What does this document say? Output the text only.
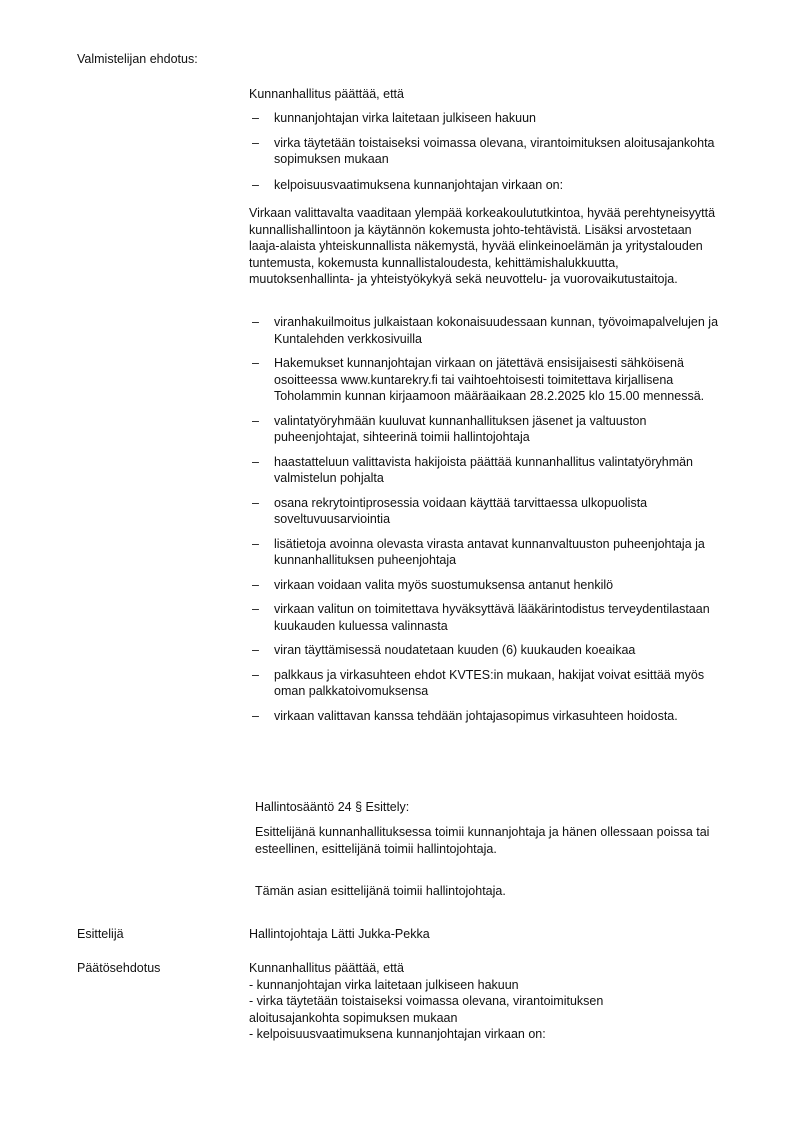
Valmistelijan ehdotus:
Kunnanhallitus päättää, että
– kunnanjohtajan virka laitetaan julkiseen hakuun
– virka täytetään toistaiseksi voimassa olevana, virantoimituksen aloitusajankohta sopimuksen mukaan
– kelpoisuusvaatimuksena kunnanjohtajan virkaan on:
Virkaan valittavalta vaaditaan ylempää korkeakoulututkintoa, hyvää perehtyneisyyttä kunnallishallintoon ja käytännön kokemusta johto-tehtävistä. Lisäksi arvostetaan laaja-alaista yhteiskunnallista näkemystä, hyvää elinkeinoelämän ja yritystalouden tuntemusta, kokemusta kunnallistaloudesta, kehittämishalukkuutta, muutoksenhallinta- ja yhteistyökykyä sekä neuvottelu- ja vuorovaikutustaitoja.
– viranhakuilmoitus julkaistaan kokonaisuudessaan kunnan, työvoimapalvelujen ja Kuntalehden verkkosivuilla
– Hakemukset kunnanjohtajan virkaan on jätettävä ensisijaisesti sähköisenä osoitteessa www.kuntarekry.fi tai vaihtoehtoisesti toimitettava kirjallisena Toholammin kunnan kirjaamoon määräaikaan 28.2.2025 klo 15.00 mennessä.
– valintatyöryhmään kuuluvat kunnanhallituksen jäsenet ja valtuuston puheenjohtajat, sihteerinä toimii hallintojohtaja
– haastatteluun valittavista hakijoista päättää kunnanhallitus valintatyöryhmän valmistelun pohjalta
– osana rekrytointiprosessia voidaan käyttää tarvittaessa ulkopuolista soveltuvuusarviointia
– lisätietoja avoinna olevasta virasta antavat kunnanvaltuuston puheenjohtaja ja kunnanhallituksen puheenjohtaja
– virkaan voidaan valita myös suostumuksensa antanut henkilö
– virkaan valitun on toimitettava hyväksyttävä lääkärintodistus terveydentilastaan kuukauden kuluessa valinnasta
– viran täyttämisessä noudatetaan kuuden (6) kuukauden koeaikaa
– palkkaus ja virkasuhteen ehdot KVTES:in mukaan, hakijat voivat esittää myös oman palkkatoivomuksensa
– virkaan valittavan kanssa tehdään johtajasopimus virkasuhteen hoidosta.
Hallintosääntö 24 § Esittely:
Esittelijänä kunnanhallituksessa toimii kunnanjohtaja ja hänen ollessaan poissa tai esteellinen, esittelijänä toimii hallintojohtaja.
Tämän asian esittelijänä toimii hallintojohtaja.
Esittelijä	Hallintojohtaja Lätti Jukka-Pekka
Päätösehdotus	Kunnanhallitus päättää, että
- kunnanjohtajan virka laitetaan julkiseen hakuun
- virka täytetään toistaiseksi voimassa olevana, virantoimituksen
aloitusajankohta sopimuksen mukaan
- kelpoisuusvaatimuksena kunnanjohtajan virkaan on:
